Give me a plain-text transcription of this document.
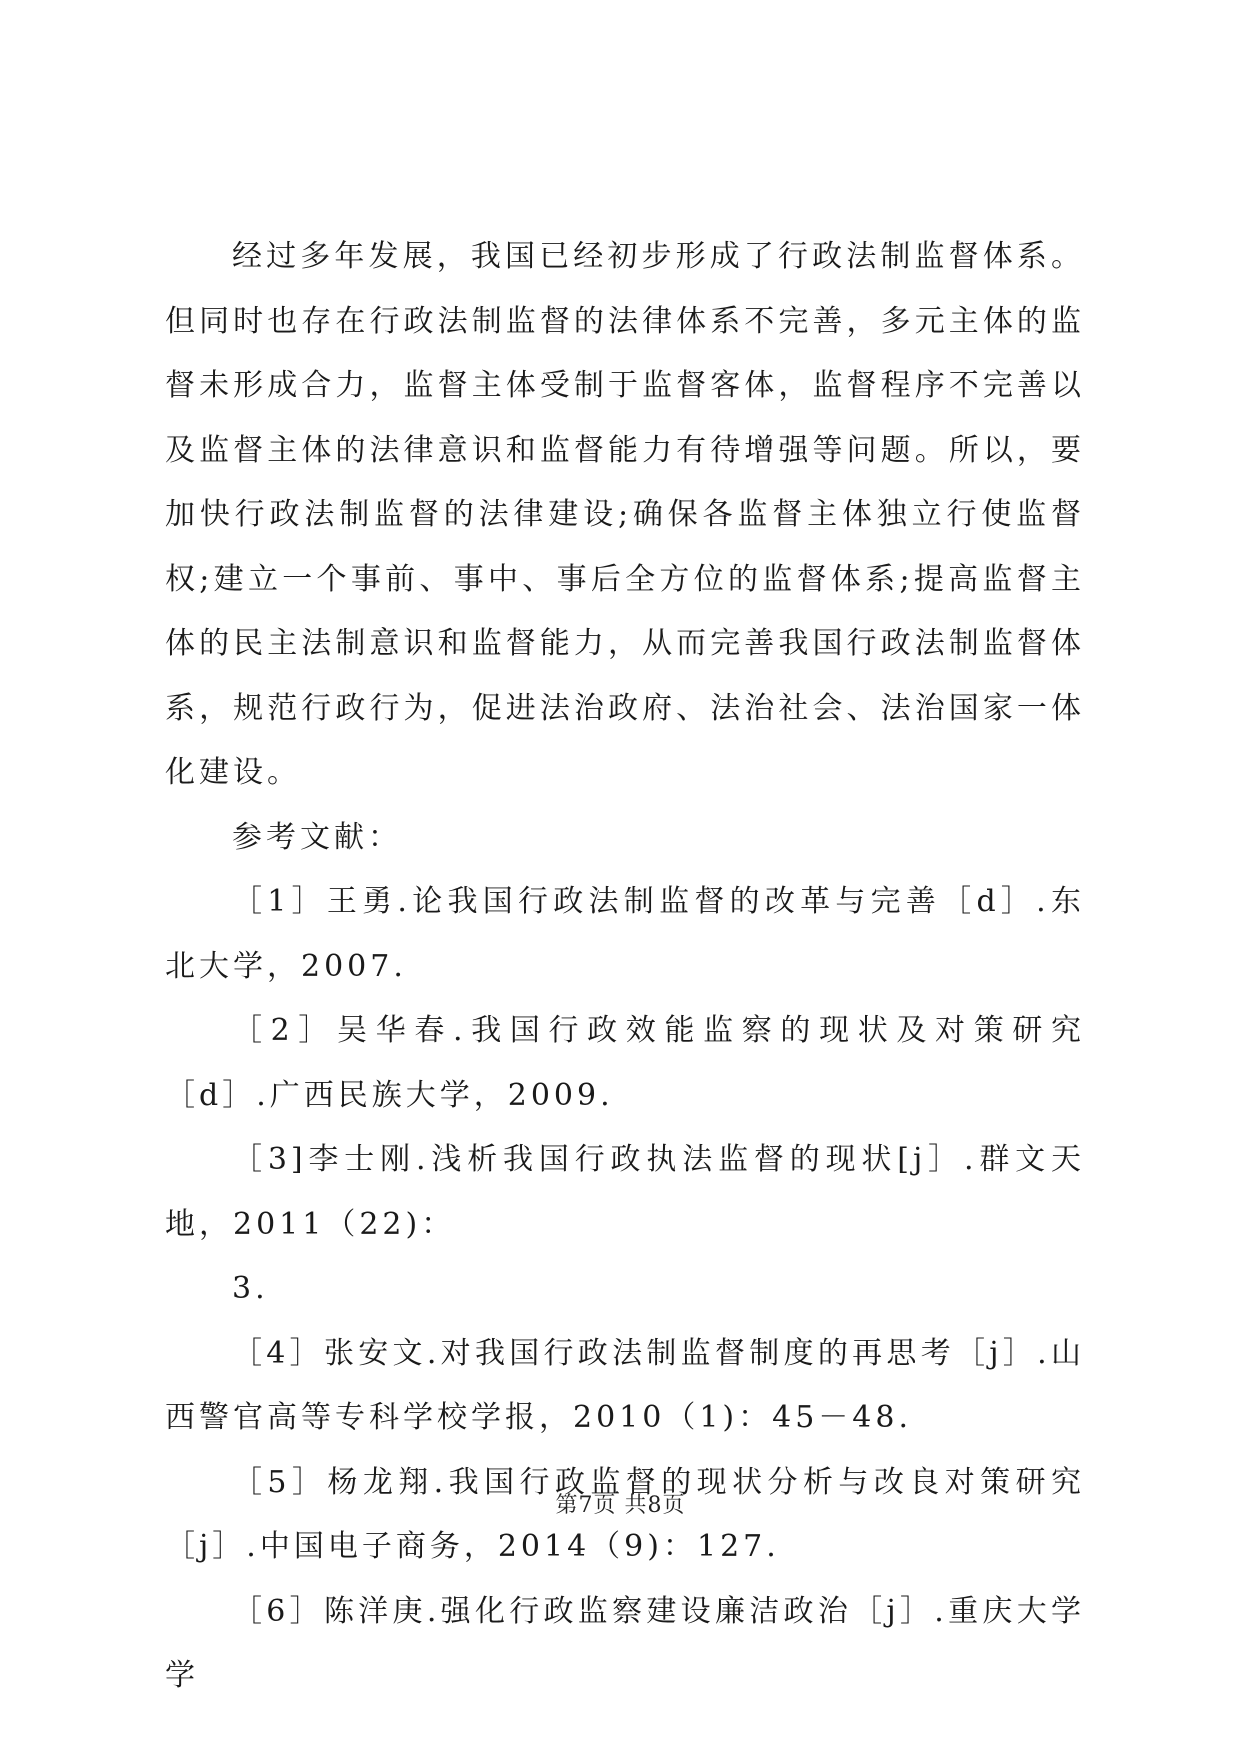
经过多年发展，我国已经初步形成了行政法制监督体系。但同时也存在行政法制监督的法律体系不完善，多元主体的监督未形成合力，监督主体受制于监督客体，监督程序不完善以及监督主体的法律意识和监督能力有待增强等问题。所以，要加快行政法制监督的法律建设;确保各监督主体独立行使监督权;建立一个事前、事中、事后全方位的监督体系;提高监督主体的民主法制意识和监督能力，从而完善我国行政法制监督体系，规范行政行为，促进法治政府、法治社会、法治国家一体化建设。

参考文献：

［1］王勇.论我国行政法制监督的改革与完善［d］.东北大学，2007.

［2］吴华春.我国行政效能监察的现状及对策研究［d］.广西民族大学，2009.

［3]李士刚.浅析我国行政执法监督的现状[j］.群文天地，2011（22)：

3.

［4］张安文.对我国行政法制监督制度的再思考［j］.山西警官高等专科学校学报，2010（1)：45－48.

［5］杨龙翔.我国行政监督的现状分析与改良对策研究［j］.中国电子商务，2014（9)：127.

［6］陈洋庚.强化行政监察建设廉洁政治［j］.重庆大学学

第7页 共8页
